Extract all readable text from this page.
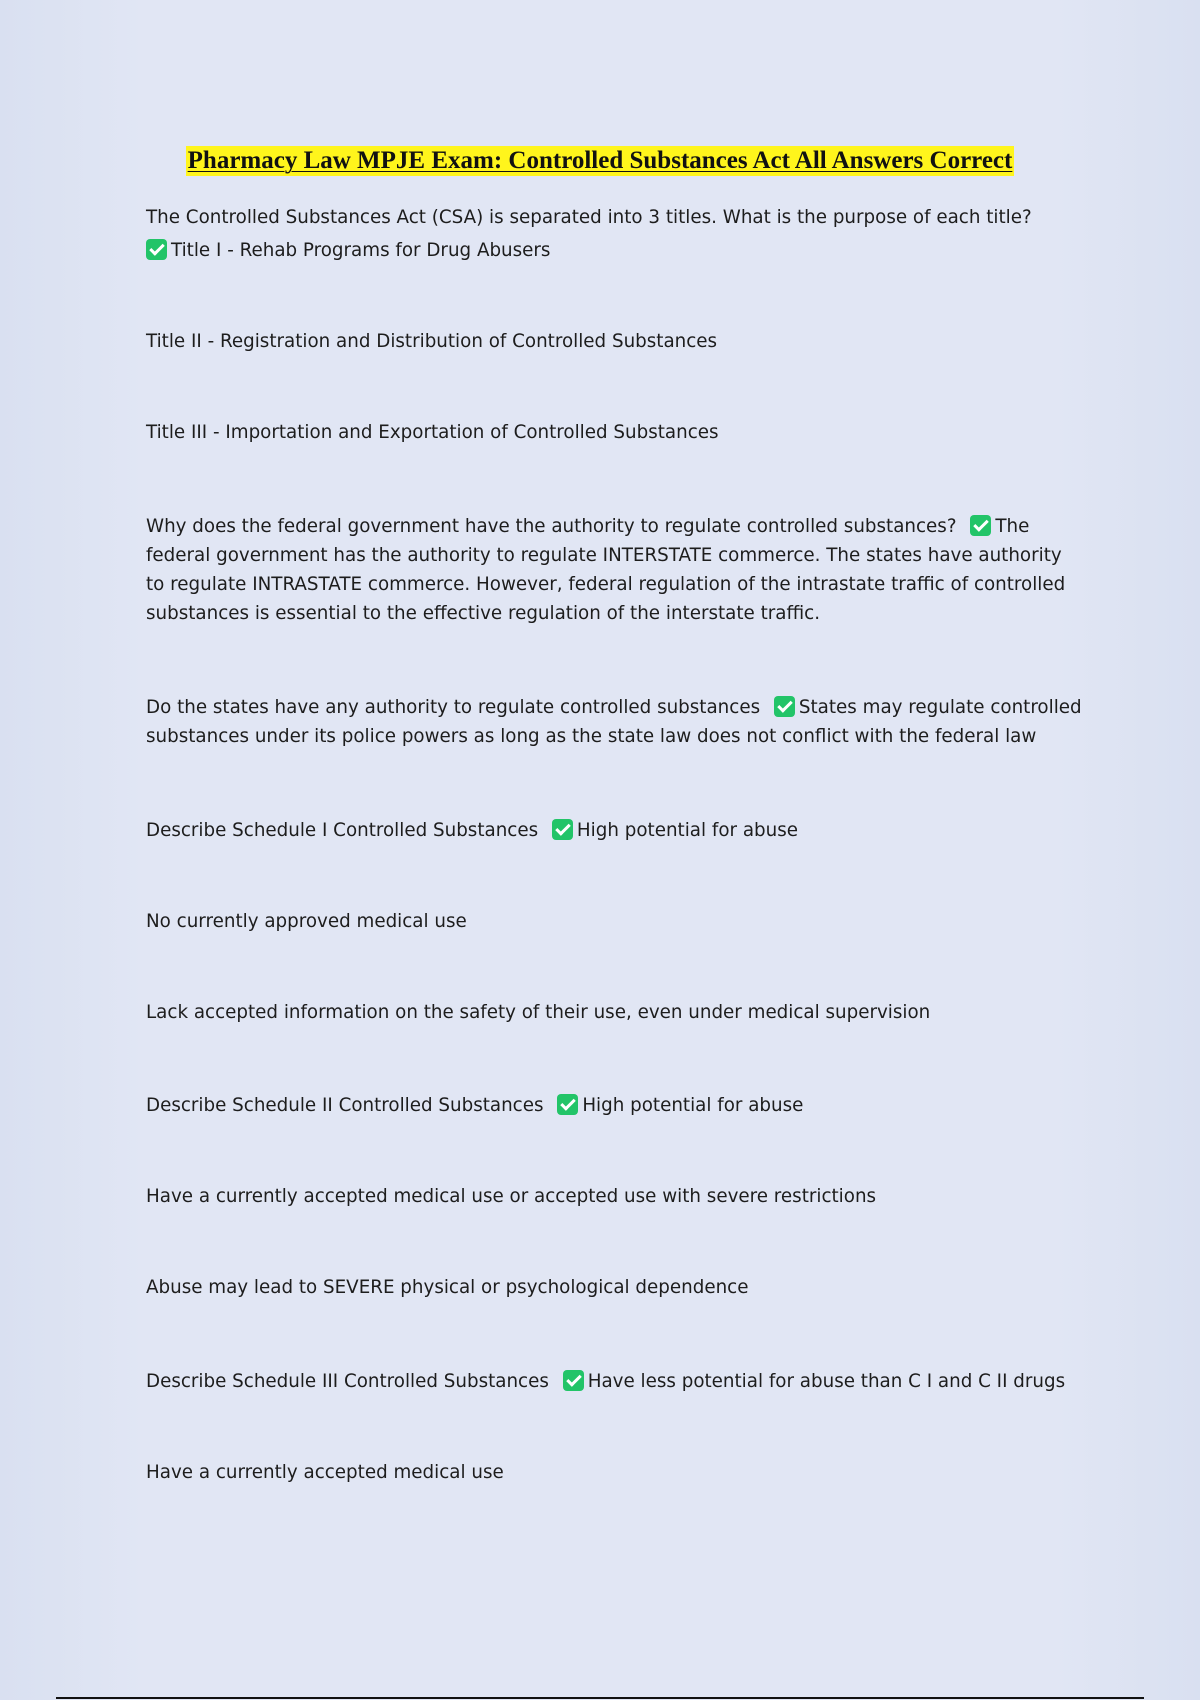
Pharmacy Law MPJE Exam: Controlled Substances Act All Answers Correct
The Controlled Substances Act (CSA) is separated into 3 titles. What is the purpose of each title?
Title I - Rehab Programs for Drug Abusers
Title II - Registration and Distribution of Controlled Substances
Title III - Importation and Exportation of Controlled Substances
Why does the federal government have the authority to regulate controlled substances? The
federal government has the authority to regulate INTERSTATE commerce. The states have authority
to regulate INTRASTATE commerce. However, federal regulation of the intrastate traffic of controlled
substances is essential to the effective regulation of the interstate traffic.
Do the states have any authority to regulate controlled substances States may regulate controlled
substances under its police powers as long as the state law does not conflict with the federal law
Describe Schedule I Controlled Substances High potential for abuse
No currently approved medical use
Lack accepted information on the safety of their use, even under medical supervision
Describe Schedule II Controlled Substances High potential for abuse
Have a currently accepted medical use or accepted use with severe restrictions
Abuse may lead to SEVERE physical or psychological dependence
Describe Schedule III Controlled Substances Have less potential for abuse than C I and C II drugs
Have a currently accepted medical use
